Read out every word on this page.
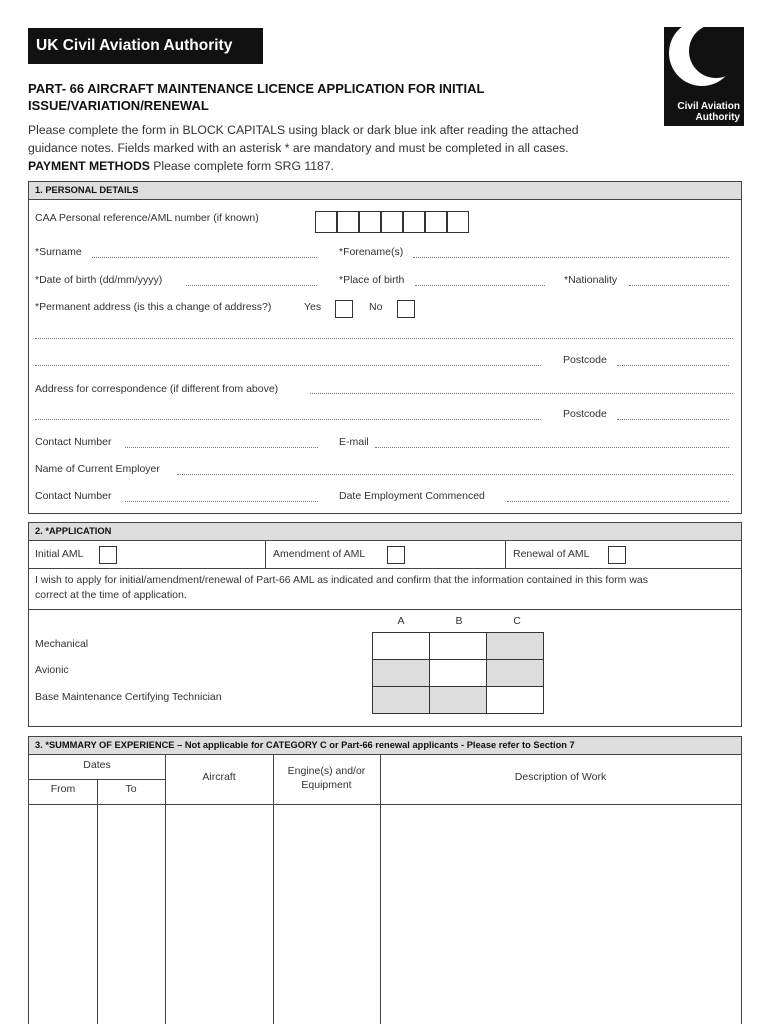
UK Civil Aviation Authority
Civil Aviation
Authority
PART- 66 AIRCRAFT MAINTENANCE LICENCE APPLICATION FOR INITIAL
ISSUE/VARIATION/RENEWAL
Please complete the form in BLOCK CAPITALS using black or dark blue ink after reading the attached
guidance notes. Fields marked with an asterisk * are mandatory and must be completed in all cases.
PAYMENT METHODS Please complete form SRG 1187.
1. PERSONAL DETAILS
CAA Personal reference/AML number (if known)
*Surname	*Forename(s)
*Date of birth (dd/mm/yyyy)	*Place of birth	*Nationality
*Permanent address (is this a change of address?)	Yes	No
Postcode
Address for correspondence (if different from above)
Postcode
Contact Number	E-mail
Name of Current Employer
Contact Number	Date Employment Commenced
2. *APPLICATION
Initial AML	Amendment of AML	Renewal of AML
I wish to apply for initial/amendment/renewal of Part-66 AML as indicated and confirm that the information contained in this form was
correct at the time of application.
A	B	C
Mechanical
Avionic
Base Maintenance Certifying Technician
3. *SUMMARY OF EXPERIENCE – Not applicable for CATEGORY C or Part-66 renewal applicants - Please refer to Section 7
Dates
From	To
Aircraft	Engine(s) and/or
Equipment
Description of Work
